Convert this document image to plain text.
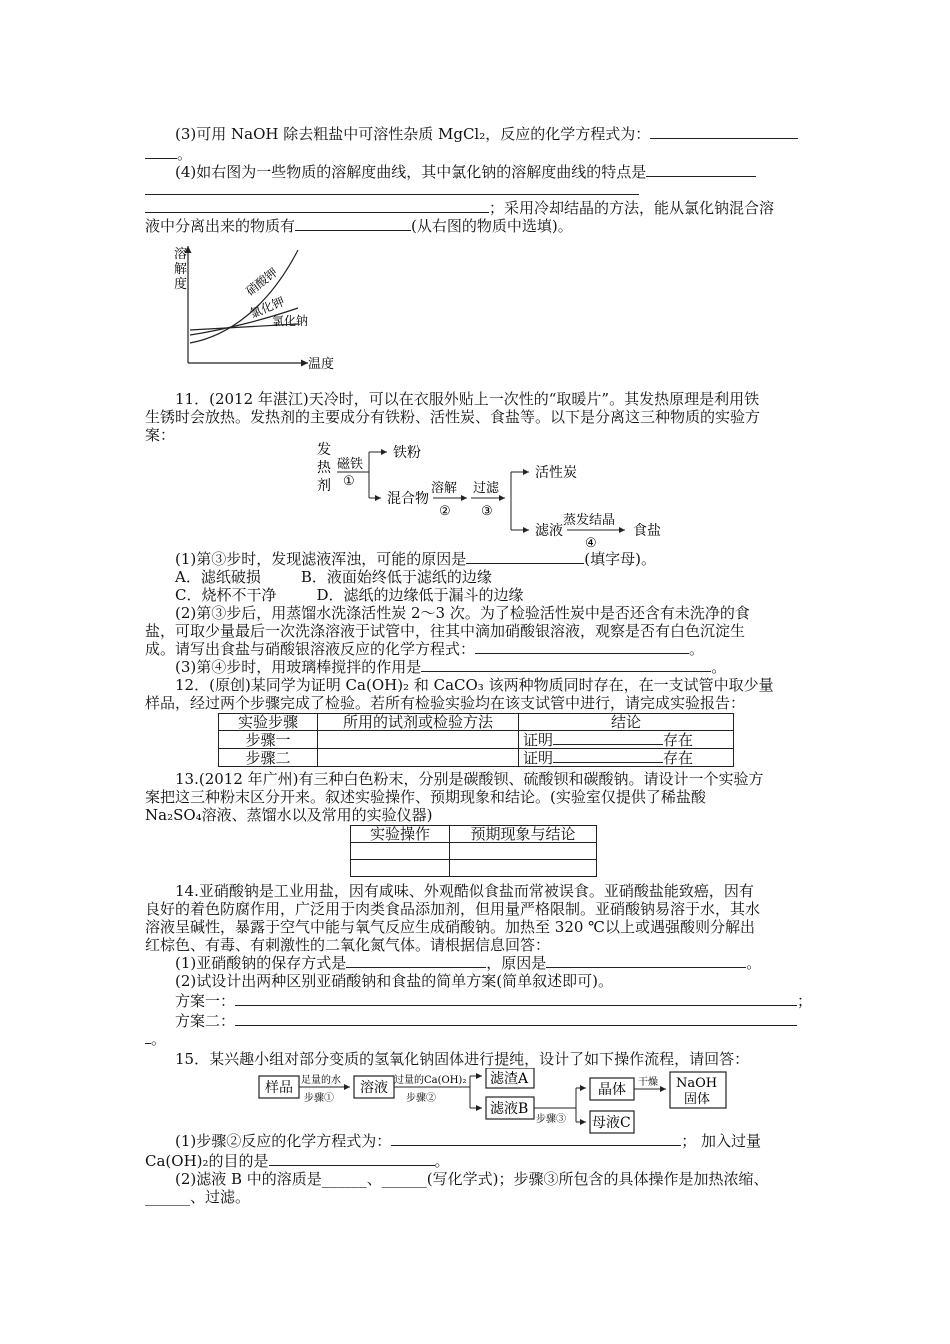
(3)可用 NaOH 除去粗盐中可溶性杂质 MgCl₂，反应的化学方程式为：
。
(4)如右图为一些物质的溶解度曲线，其中氯化钠的溶解度曲线的特点是
；采用冷却结晶的方法，能从氯化钠混合溶
液中分离出来的物质有	(从右图的物质中选填)。
溶
解
度
温度
硝酸钾
氯化钾
氯化钠
11．(2012 年湛江)天冷时，可以在衣服外贴上一次性的“取暖片”。其发热原理是利用铁
生锈时会放热。发热剂的主要成分有铁粉、活性炭、食盐等。以下是分离这三种物质的实验方
案：
发
热
剂
磁铁
①
铁粉
混合物
溶解
②
过滤
③
活性炭
滤液
蒸发结晶
④
食盐
(1)第③步时，发现滤液浑浊，可能的原因是	(填字母)。
A．滤纸破损	B．液面始终低于滤纸的边缘
C．烧杯不干净	D．滤纸的边缘低于漏斗的边缘
(2)第③步后，用蒸馏水洗涤活性炭 2～3 次。为了检验活性炭中是否还含有未洗净的食
盐，可取少量最后一次洗涤溶液于试管中，往其中滴加硝酸银溶液，观察是否有白色沉淀生
成。请写出食盐与硝酸银溶液反应的化学方程式：	。
(3)第④步时，用玻璃棒搅拌的作用是	。
12．(原创)某同学为证明 Ca(OH)₂ 和 CaCO₃ 该两种物质同时存在，在一支试管中取少量
样品，经过两个步骤完成了检验。若所有检验实验均在该支试管中进行，请完成实验报告：
实验步骤	所用的试剂或检验方法	结论
步骤一		证明 存在
步骤二		证明 存在
13.(2012 年广州)有三种白色粉末，分别是碳酸钡、硫酸钡和碳酸钠。请设计一个实验方
案把这三种粉末区分开来。叙述实验操作、预期现象和结论。(实验室仅提供了稀盐酸
Na₂SO₄溶液、蒸馏水以及常用的实验仪器)
实验操作	预期现象与结论

14.亚硝酸钠是工业用盐，因有咸味、外观酷似食盐而常被误食。亚硝酸盐能致癌，因有
良好的着色防腐作用，广泛用于肉类食品添加剂，但用量严格限制。亚硝酸钠易溶于水，其水
溶液呈碱性，暴露于空气中能与氧气反应生成硝酸钠。加热至 320 ℃以上或遇强酸则分解出
红棕色、有毒、有刺激性的二氧化氮气体。请根据信息回答：
(1)亚硝酸钠的保存方式是	，原因是	。
(2)试设计出两种区别亚硝酸钠和食盐的简单方案(简单叙述即可)。
方案一：	；
方案二：
。
15．某兴趣小组对部分变质的氢氧化钠固体进行提纯，设计了如下操作流程，请回答：
样品 足量的水
步骤①
溶液 过量的Ca(OH)₂
步骤②
滤渣A
滤液B
步骤③
晶体
母液C
干燥 NaOH
固体
(1)步骤②反应的化学方程式为：	； 加入过量
Ca(OH)₂的目的是	。
(2)滤液 B 中的溶质是______、______(写化学式)；步骤③所包含的具体操作是加热浓缩、
______、过滤。
